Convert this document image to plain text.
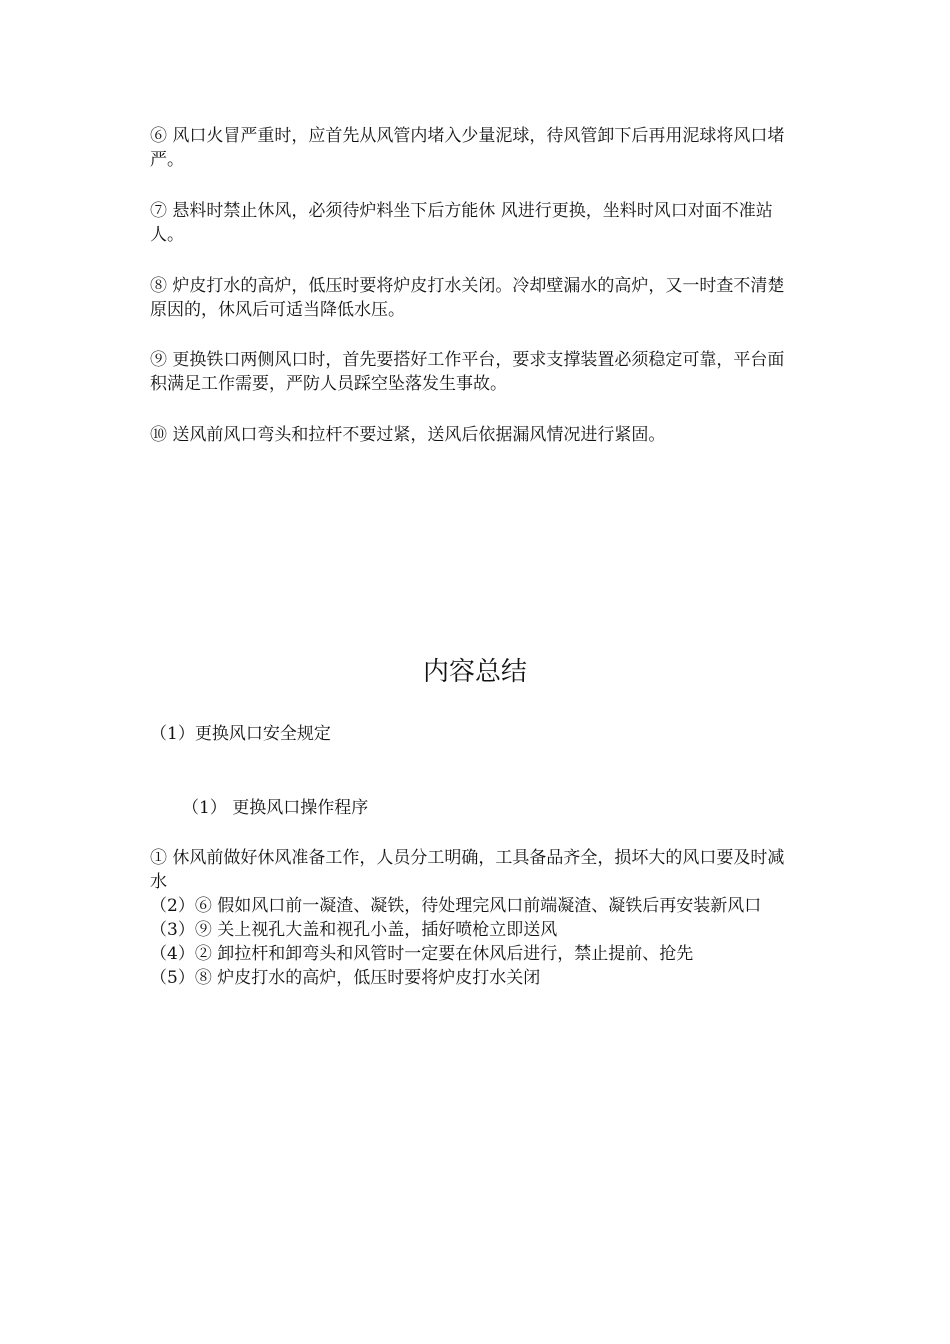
⑥ 风口火冒严重时，应首先从风管内堵入少量泥球，待风管卸下后再用泥球将风口堵严。

⑦ 悬料时禁止休风，必须待炉料坐下后方能休 风进行更换，坐料时风口对面不准站人。

⑧ 炉皮打水的高炉，低压时要将炉皮打水关闭。冷却壁漏水的高炉，又一时查不清楚原因的，休风后可适当降低水压。

⑨ 更换铁口两侧风口时，首先要搭好工作平台，要求支撑装置必须稳定可靠，平台面积满足工作需要，严防人员踩空坠落发生事故。

⑩ 送风前风口弯头和拉杆不要过紧，送风后依据漏风情况进行紧固。

内容总结

（1）更换风口安全规定

（1） 更换风口操作程序

① 休风前做好休风准备工作，人员分工明确，工具备品齐全，损坏大的风口要及时减水
（2）⑥ 假如风口前一凝渣、凝铁，待处理完风口前端凝渣、凝铁后再安装新风口
（3）⑨ 关上视孔大盖和视孔小盖，插好喷枪立即送风
（4）② 卸拉杆和卸弯头和风管时一定要在休风后进行，禁止提前、抢先
（5）⑧ 炉皮打水的高炉，低压时要将炉皮打水关闭
